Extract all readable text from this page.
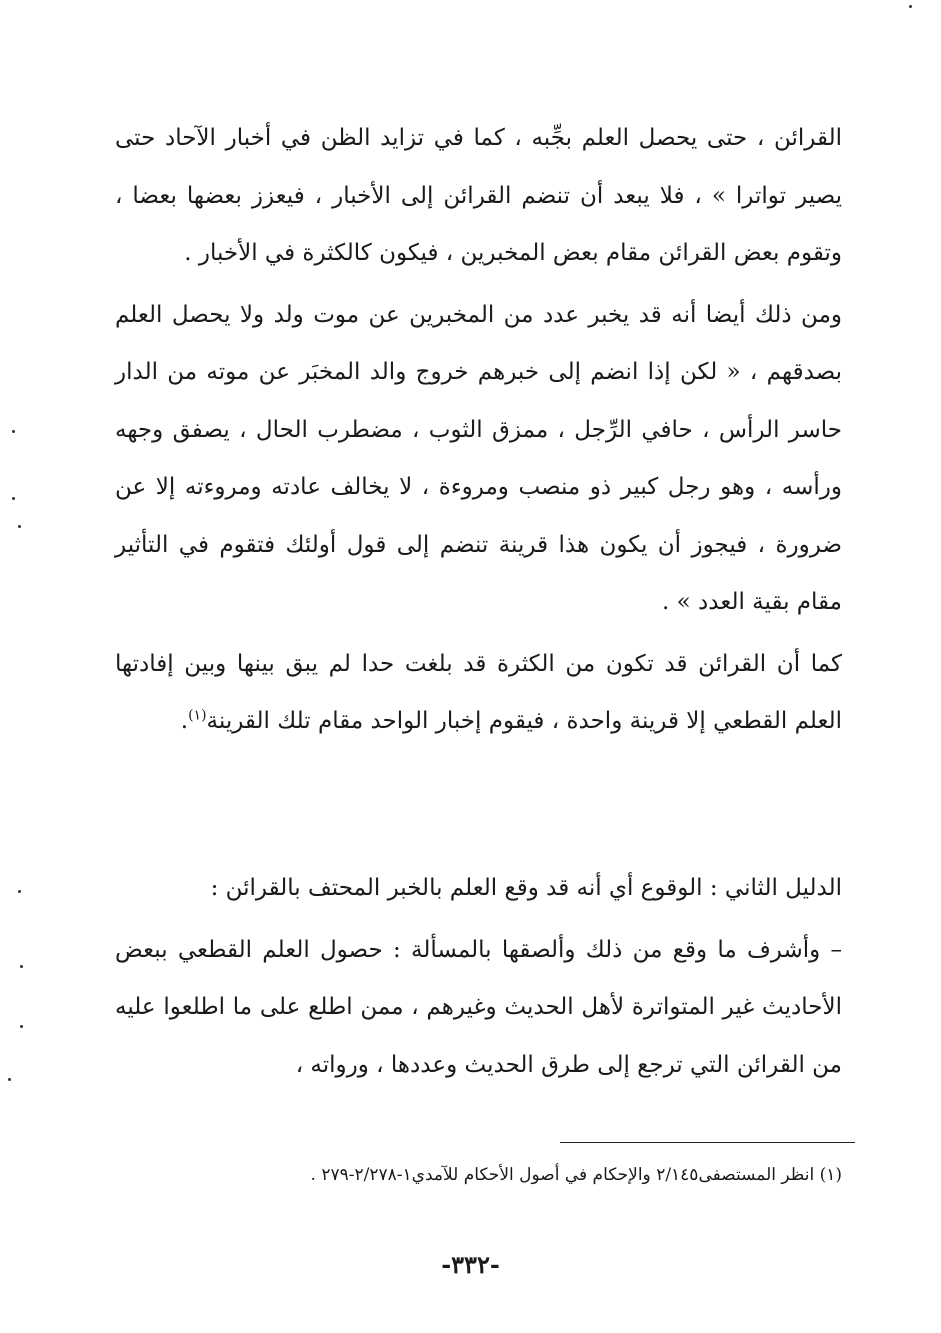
القرائن ، حتى يحصل العلم بجِّبه ، كما في تزايد الظن في أخبار الآحاد حتى يصير تواترا » ، فلا يبعد أن تنضم القرائن إلى الأخبار ، فيعزز بعضها بعضا ، وتقوم بعض القرائن مقام بعض المخبرين ، فيكون كالكثرة في الأخبار .

ومن ذلك أيضا أنه قد يخبر عدد من المخبرين عن موت ولد ولا يحصل العلم بصدقهم ، « لكن إذا انضم إلى خبرهم خروج والد المخبَر عن موته من الدار حاسر الرأس ، حافي الرِّجل ، ممزق الثوب ، مضطرب الحال ، يصفق وجهه ورأسه ، وهو رجل كبير ذو منصب ومروءة ، لا يخالف عادته ومروءته إلا عن ضرورة ، فيجوز أن يكون هذا قرينة تنضم إلى قول أولئك فتقوم في التأثير مقام بقية العدد » .

كما أن القرائن قد تكون من الكثرة قد بلغت حدا لم يبق بينها وبين إفادتها العلم القطعي إلا قرينة واحدة ، فيقوم إخبار الواحد مقام تلك القرينة$^{(١)}$.

الدليل الثاني : الوقوع أي أنه قد وقع العلم بالخبر المحتف بالقرائن :

– وأشرف ما وقع من ذلك وألصقها بالمسألة : حصول العلم القطعي ببعض الأحاديث غير المتواترة لأهل الحديث وغيرهم ، ممن اطلع على ما اطلعوا عليه من القرائن التي ترجع إلى طرق الحديث وعددها ، ورواته ،

(١) انظر المستصفى٢/١٤٥ والإحكام في أصول الأحكام للآمدي١-٢/٢٧٨-٢٧٩ .
-٣٣٢-
